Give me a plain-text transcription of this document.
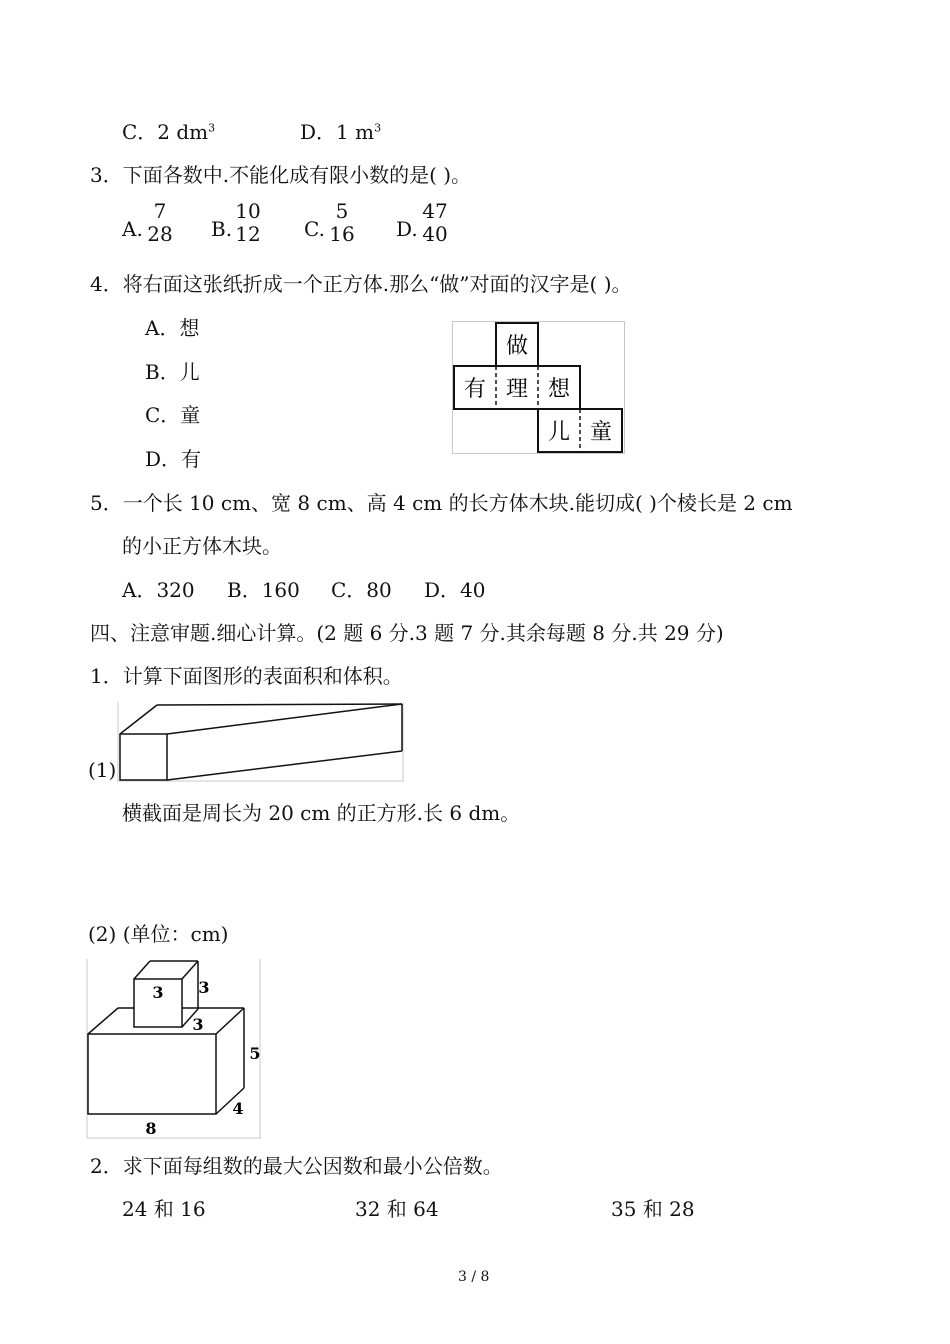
C．2 $dm^3$	D．1 $m^3$
3．下面各数中.不能化成有限小数的是( )。
A.
7
28 B.
10
12 C.
5
16 D.
47
40
4．将右面这张纸折成一个正方体.那么“做”对面的汉字是( )。
A．想
B．儿
C．童
D．有
做
有 理 想
儿 童
5．一个长 10 cm、宽 8 cm、高 4 cm 的长方体木块.能切成( )个棱长是 2 cm
的小正方体木块。
A．320 B．160 C．80 D．40
四、注意审题.细心计算。(2 题 6 分.3 题 7 分.其余每题 8 分.共 29 分)
1．计算下面图形的表面积和体积。
(1)
横截面是周长为 20 cm 的正方形.长 6 dm。
(2) (单位：cm)
3 3
3
5
4
8
2．求下面每组数的最大公因数和最小公倍数。
24 和 16	32 和 64	35 和 28
3 / 8
